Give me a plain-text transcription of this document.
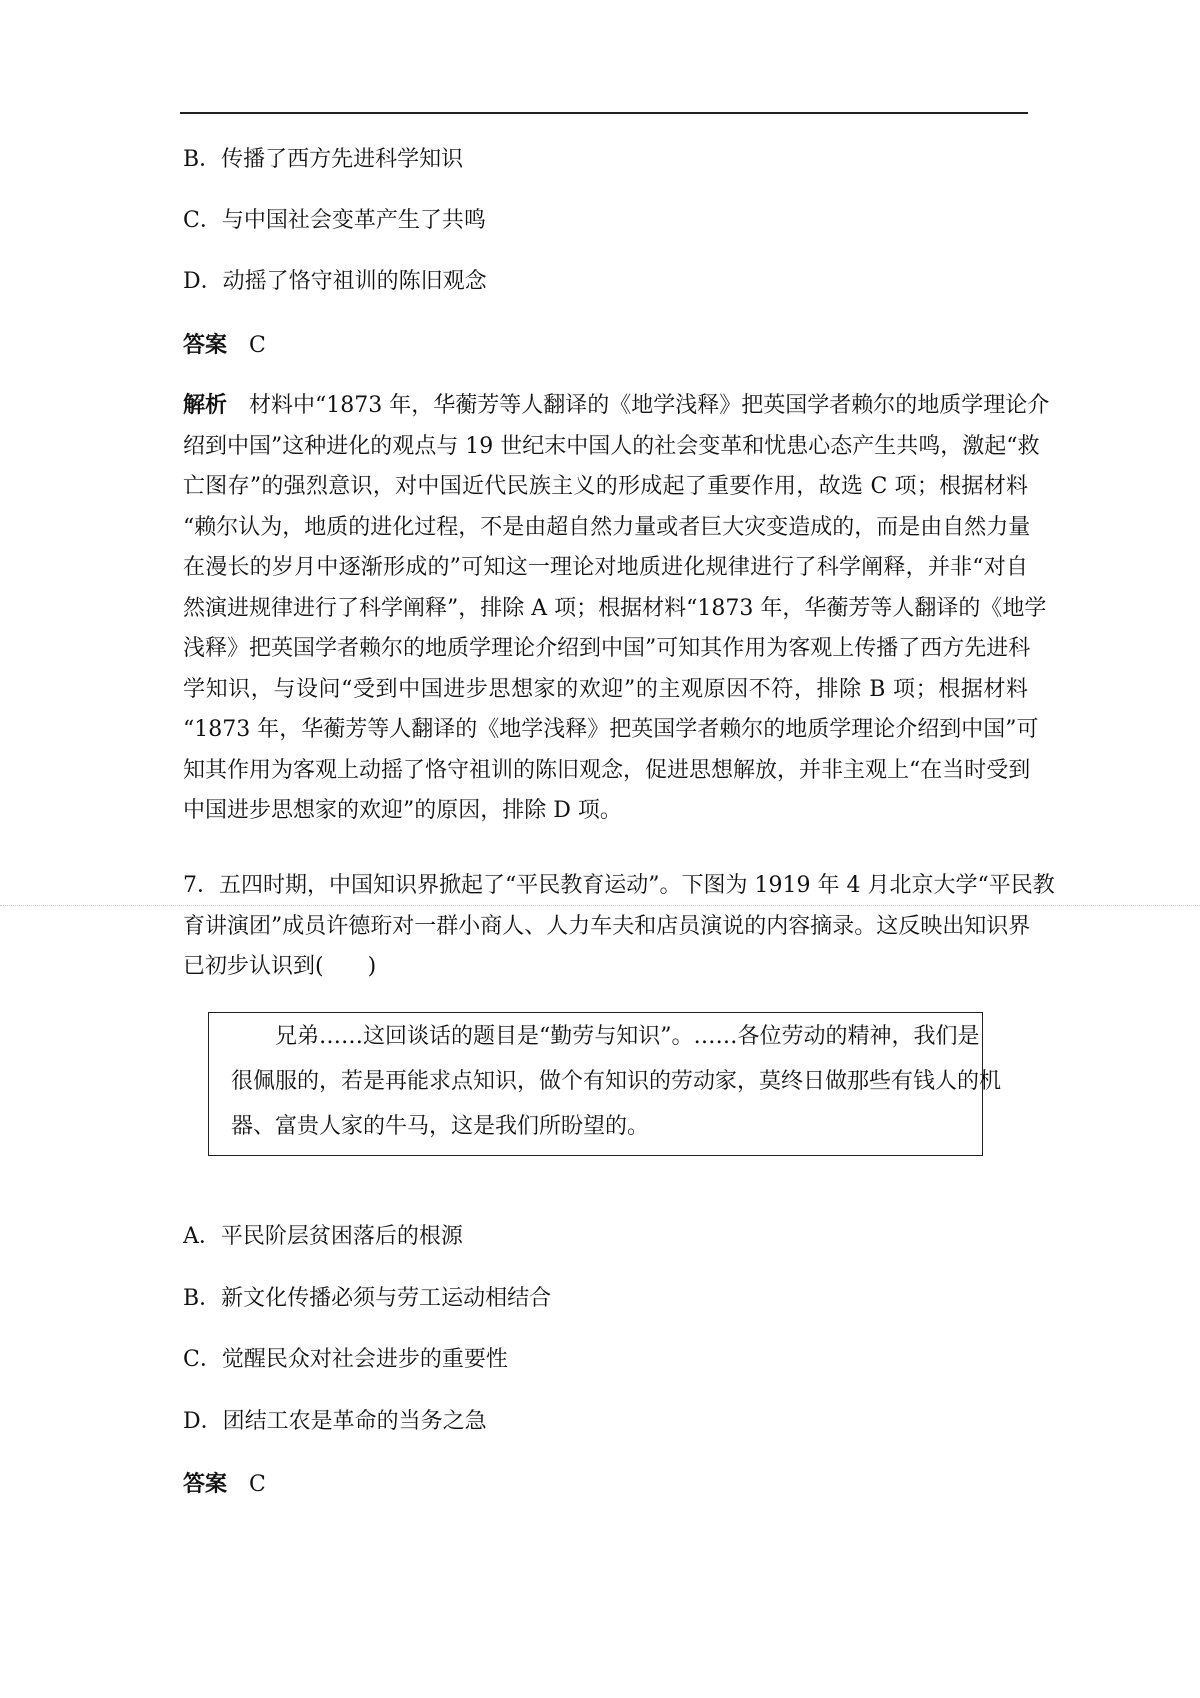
B．传播了西方先进科学知识
C．与中国社会变革产生了共鸣
D．动摇了恪守祖训的陈旧观念
答案 C
解析 材料中“1873 年，华蘅芳等人翻译的《地学浅释》把英国学者赖尔的地质学理论介
绍到中国”这种进化的观点与 19 世纪末中国人的社会变革和忧患心态产生共鸣，激起“救
亡图存”的强烈意识，对中国近代民族主义的形成起了重要作用，故选 C 项；根据材料
“赖尔认为，地质的进化过程，不是由超自然力量或者巨大灾变造成的，而是由自然力量
在漫长的岁月中逐渐形成的”可知这一理论对地质进化规律进行了科学阐释，并非“对自
然演进规律进行了科学阐释”，排除 A 项；根据材料“1873 年，华蘅芳等人翻译的《地学
浅释》把英国学者赖尔的地质学理论介绍到中国”可知其作用为客观上传播了西方先进科
学知识，与设问“受到中国进步思想家的欢迎”的主观原因不符，排除 B 项；根据材料
“1873 年，华蘅芳等人翻译的《地学浅释》把英国学者赖尔的地质学理论介绍到中国”可
知其作用为客观上动摇了恪守祖训的陈旧观念，促进思想解放，并非主观上“在当时受到
中国进步思想家的欢迎”的原因，排除 D 项。
7．五四时期，中国知识界掀起了“平民教育运动”。下图为 1919 年 4 月北京大学“平民教
育讲演团”成员许德珩对一群小商人、人力车夫和店员演说的内容摘录。这反映出知识界
已初步认识到(　　)
　　兄弟……这回谈话的题目是“勤劳与知识”。……各位劳动的精神，我们是
很佩服的，若是再能求点知识，做个有知识的劳动家，莫终日做那些有钱人的机
器、富贵人家的牛马，这是我们所盼望的。
A．平民阶层贫困落后的根源
B．新文化传播必须与劳工运动相结合
C．觉醒民众对社会进步的重要性
D．团结工农是革命的当务之急
答案 C
